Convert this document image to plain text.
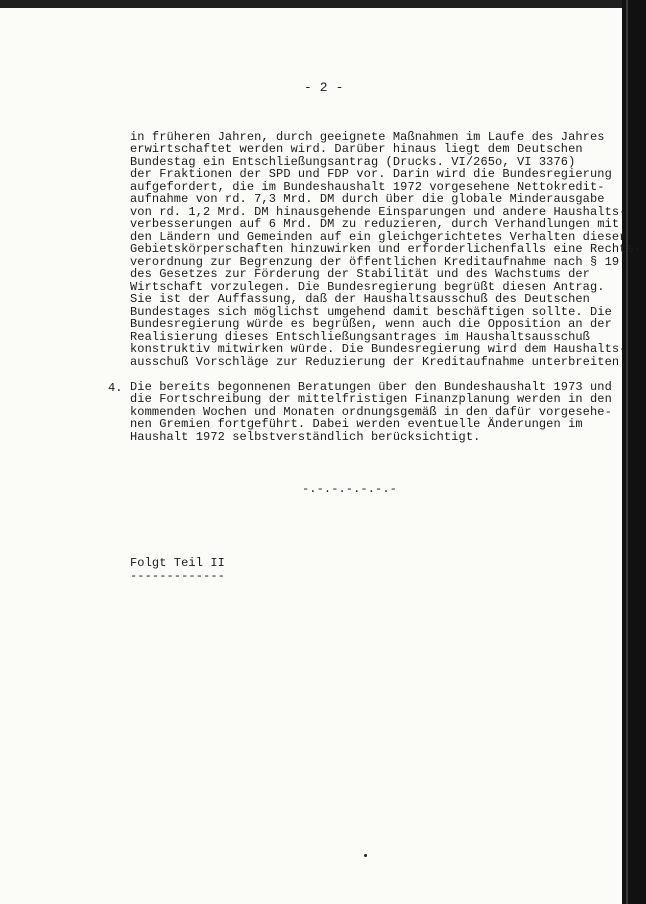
- 2 -
in früheren Jahren, durch geeignete Maßnahmen im Laufe des Jahres
erwirtschaftet werden wird. Darüber hinaus liegt dem Deutschen
Bundestag ein Entschließungsantrag (Drucks. VI/265o, VI 3376)
der Fraktionen der SPD und FDP vor. Darin wird die Bundesregierung
aufgefordert, die im Bundeshaushalt 1972 vorgesehene Nettokredit-
aufnahme von rd. 7,3 Mrd. DM durch über die globale Minderausgabe
von rd. 1,2 Mrd. DM hinausgehende Einsparungen und andere Haushalts-
verbesserungen auf 6 Mrd. DM zu reduzieren, durch Verhandlungen mit
den Ländern und Gemeinden auf ein gleichgerichtetes Verhalten dieser
Gebietskörperschaften hinzuwirken und erforderlichenfalls eine Rechts-
verordnung zur Begrenzung der öffentlichen Kreditaufnahme nach § 19
des Gesetzes zur Förderung der Stabilität und des Wachstums der
Wirtschaft vorzulegen. Die Bundesregierung begrüßt diesen Antrag.
Sie ist der Auffassung, daß der Haushaltsausschuß des Deutschen
Bundestages sich möglichst umgehend damit beschäftigen sollte. Die
Bundesregierung würde es begrüßen, wenn auch die Opposition an der
Realisierung dieses Entschließungsantrages im Haushaltsausschuß
konstruktiv mitwirken würde. Die Bundesregierung wird dem Haushalts-
ausschuß Vorschläge zur Reduzierung der Kreditaufnahme unterbreiten.
4. Die bereits begonnenen Beratungen über den Bundeshaushalt 1973 und
die Fortschreibung der mittelfristigen Finanzplanung werden in den
kommenden Wochen und Monaten ordnungsgemäß in den dafür vorgesehe-
nen Gremien fortgeführt. Dabei werden eventuelle Änderungen im
Haushalt 1972 selbstverständlich berücksichtigt.
-.-.-.-.-.-.-
Folgt Teil II
-------------
